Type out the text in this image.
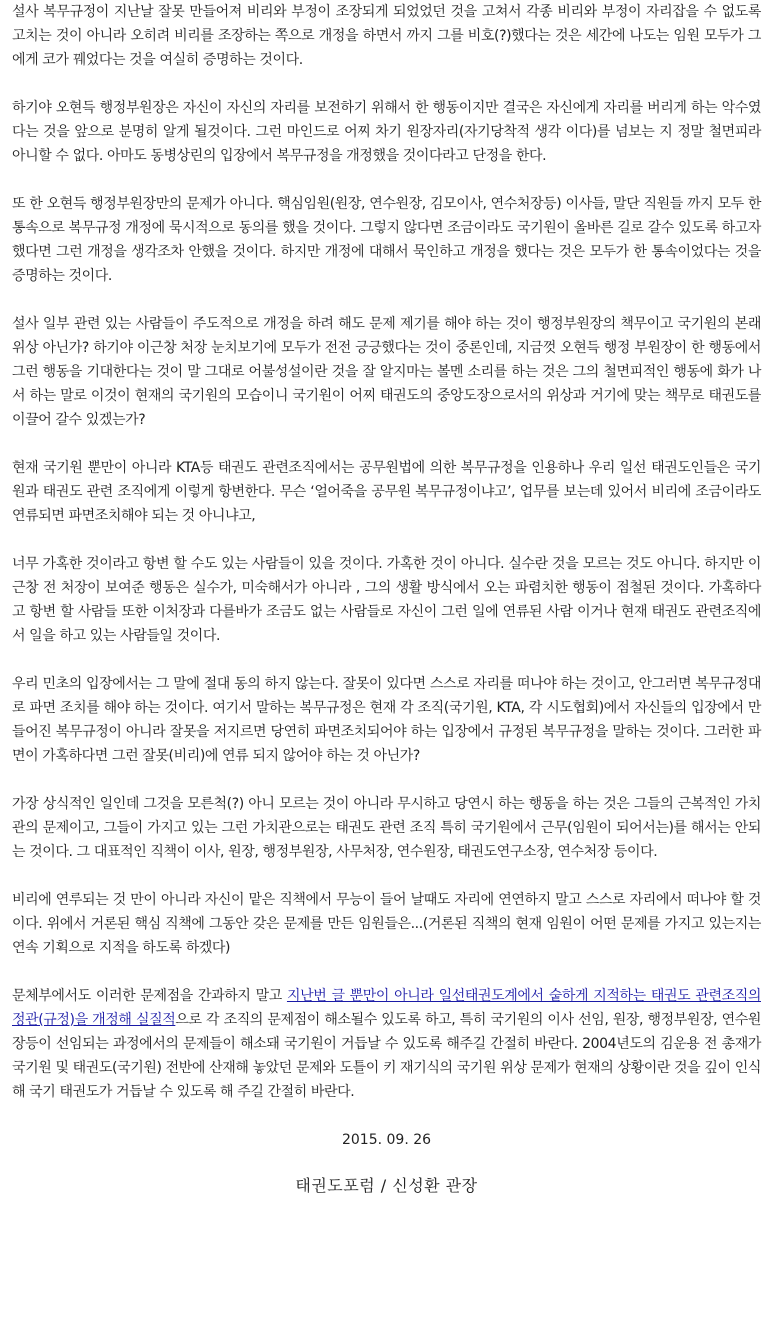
설사 복무규정이 지난날 잘못 만들어져 비리와 부정이 조장되게 되었었던 것을 고쳐서 각종 비리와 부정이 자리잡을 수 없도록 고치는 것이 아니라 오히려 비리를 조장하는 쪽으로 개정을 하면서 까지 그를 비호(?)했다는 것은 세간에 나도는 임원 모두가 그에게 코가 꿰었다는 것을 여실히 증명하는 것이다.

하기야 오현득 행정부원장은 자신이 자신의 자리를 보전하기 위해서 한 행동이지만 결국은 자신에게 자리를 버리게 하는 악수였다는 것을 앞으로 분명히 알게 될것이다. 그런 마인드로 어찌 차기 원장자리(자기당착적 생각 이다)를 넘보는 지 정말 철면피라 아니할 수 없다. 아마도 동병상린의 입장에서 복무규정을 개정했을 것이다라고 단정을 한다.

또 한 오현득 행정부원장만의 문제가 아니다. 핵심임원(원장, 연수원장, 김모이사, 연수처장등) 이사들, 말단 직원들 까지 모두 한통속으로 복무규정 개정에 묵시적으로 동의를 했을 것이다. 그렇지 않다면 조금이라도 국기원이 올바른 길로 갈수 있도록 하고자 했다면 그런 개정을 생각조차 안했을 것이다. 하지만 개정에 대해서 묵인하고 개정을 했다는 것은 모두가 한 통속이었다는 것을 증명하는 것이다.

설사 일부 관련 있는 사람들이 주도적으로 개정을 하려 해도 문제 제기를 해야 하는 것이 행정부원장의 책무이고 국기원의 본래 위상 아닌가? 하기야 이근창 처장 눈치보기에 모두가 전전 긍긍했다는 것이 중론인데, 지금껏 오현득 행정 부원장이 한 행동에서 그런 행동을 기대한다는 것이 말 그대로 어불성설이란 것을 잘 알지마는 볼멘 소리를 하는 것은 그의 철면피적인 행동에 화가 나서 하는 말로 이것이 현재의 국기원의 모습이니 국기원이 어찌 태권도의 중앙도장으로서의 위상과 거기에 맞는 책무로 태권도를 이끌어 갈수 있겠는가?

현재 국기원 뿐만이 아니라 KTA등 태권도 관련조직에서는 공무원법에 의한 복무규정을 인용하나 우리 일선 태권도인들은 국기원과 태권도 관련 조직에게 이렇게 항변한다. 무슨 ‘얼어죽을 공무원 복무규정이냐고’, 업무를 보는데 있어서 비리에 조금이라도 연류되면 파면조치해야 되는 것 아니냐고,

너무 가혹한 것이라고 항변 할 수도 있는 사람들이 있을 것이다. 가혹한 것이 아니다. 실수란 것을 모르는 것도 아니다. 하지만 이근창 전 처장이 보여준 행동은 실수가, 미숙해서가 아니라 , 그의 생활 방식에서 오는 파렴치한 행동이 점철된 것이다. 가혹하다고 항변 할 사람들 또한 이처장과 다를바가 조금도 없는 사람들로 자신이 그런 일에 연류된 사람 이거나 현재 태권도 관련조직에서 일을 하고 있는 사람들일 것이다.

우리 민초의 입장에서는 그 말에 절대 동의 하지 않는다. 잘못이 있다면 스스로 자리를 떠나야 하는 것이고, 안그러면 복무규정대로 파면 조치를 해야 하는 것이다. 여기서 말하는 복무규정은 현재 각 조직(국기원, KTA, 각 시도협회)에서 자신들의 입장에서 만들어진 복무규정이 아니라 잘못을 저지르면 당연히 파면조치되어야 하는 입장에서 규정된 복무규정을 말하는 것이다. 그러한 파면이 가혹하다면 그런 잘못(비리)에 연류 되지 않어야 하는 것 아닌가?

가장 상식적인 일인데 그것을 모른척(?) 아니 모르는 것이 아니라 무시하고 당연시 하는 행동을 하는 것은 그들의 근복적인 가치관의 문제이고, 그들이 가지고 있는 그런 가치관으로는 태권도 관련 조직 특히 국기원에서 근무(임원이 되어서는)를 해서는 안되는 것이다. 그 대표적인 직책이 이사, 원장, 행정부원장, 사무처장, 연수원장, 태권도연구소장, 연수처장 등이다.

비리에 연루되는 것 만이 아니라 자신이 맡은 직책에서 무능이 들어 날때도 자리에 연연하지 말고 스스로 자리에서 떠나야 할 것이다. 위에서 거론된 핵심 직책에 그동안 갖은 문제를 만든 임원들은...(거론된 직책의 현재 임원이 어떤 문제를 가지고 있는지는 연속 기획으로 지적을 하도록 하겠다)

문체부에서도 이러한 문제점을 간과하지 말고 지난번 글 뿐만이 아니라 일선태권도계에서 숱하게 지적하는 태권도 관련조직의 정관(규정)을 개정해 실질적으로 각 조직의 문제점이 해소될수 있도록 하고, 특히 국기원의 이사 선임, 원장, 행정부원장, 연수원장등이 선임되는 과정에서의 문제들이 해소돼 국기원이 거듭날 수 있도록 해주길 간절히 바란다. 2004년도의 김운용 전 총재가 국기원 및 태권도(국기원) 전반에 산재해 놓았던 문제와 도틀이 키 재기식의 국기원 위상 문제가 현재의 상황이란 것을 깊이 인식해 국기 태권도가 거듭날 수 있도록 해 주길 간절히 바란다.

2015. 09. 26
태권도포럼 / 신성환 관장
